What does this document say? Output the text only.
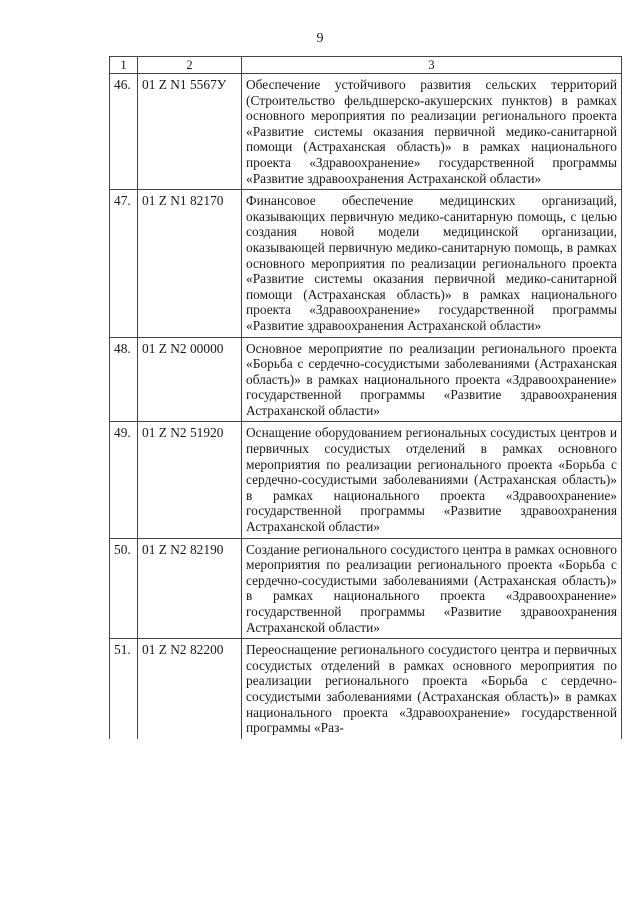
9
1	2	3
46.	01 Z N1 5567У	Обеспечение устойчивого развития сельских территорий (Строительство фельдшерско-акушерских пунктов) в рамках основного мероприятия по реализации регионального проекта «Развитие системы оказания первичной медико-санитарной помощи (Астраханская область)» в рамках национального проекта «Здравоохранение» государственной программы «Развитие здравоохранения Астраханской области»
47.	01 Z N1 82170	Финансовое обеспечение медицинских организаций, оказывающих первичную медико-санитарную помощь, с целью создания новой модели медицинской организации, оказывающей первичную медико-санитарную помощь, в рамках основного мероприятия по реализации регионального проекта «Развитие системы оказания первичной медико-санитарной помощи (Астраханская область)» в рамках национального проекта «Здравоохранение» государственной программы «Развитие здравоохранения Астраханской области»
48.	01 Z N2 00000	Основное мероприятие по реализации регионального проекта «Борьба с сердечно-сосудистыми заболеваниями (Астраханская область)» в рамках национального проекта «Здравоохранение» государственной программы «Развитие здравоохранения Астраханской области»
49.	01 Z N2 51920	Оснащение оборудованием региональных сосудистых центров и первичных сосудистых отделений в рамках основного мероприятия по реализации регионального проекта «Борьба с сердечно-сосудистыми заболеваниями (Астраханская область)» в рамках национального проекта «Здравоохранение» государственной программы «Развитие здравоохранения Астраханской области»
50.	01 Z N2 82190	Создание регионального сосудистого центра в рамках основного мероприятия по реализации регионального проекта «Борьба с сердечно-сосудистыми заболеваниями (Астраханская область)» в рамках национального проекта «Здравоохранение» государственной программы «Развитие здравоохранения Астраханской области»
51.	01 Z N2 82200	Переоснащение регионального сосудистого центра и первичных сосудистых отделений в рамках основного мероприятия по реализации регионального проекта «Борьба с сердечно-сосудистыми заболеваниями (Астраханская область)» в рамках национального проекта «Здравоохранение» государственной программы «Раз-
